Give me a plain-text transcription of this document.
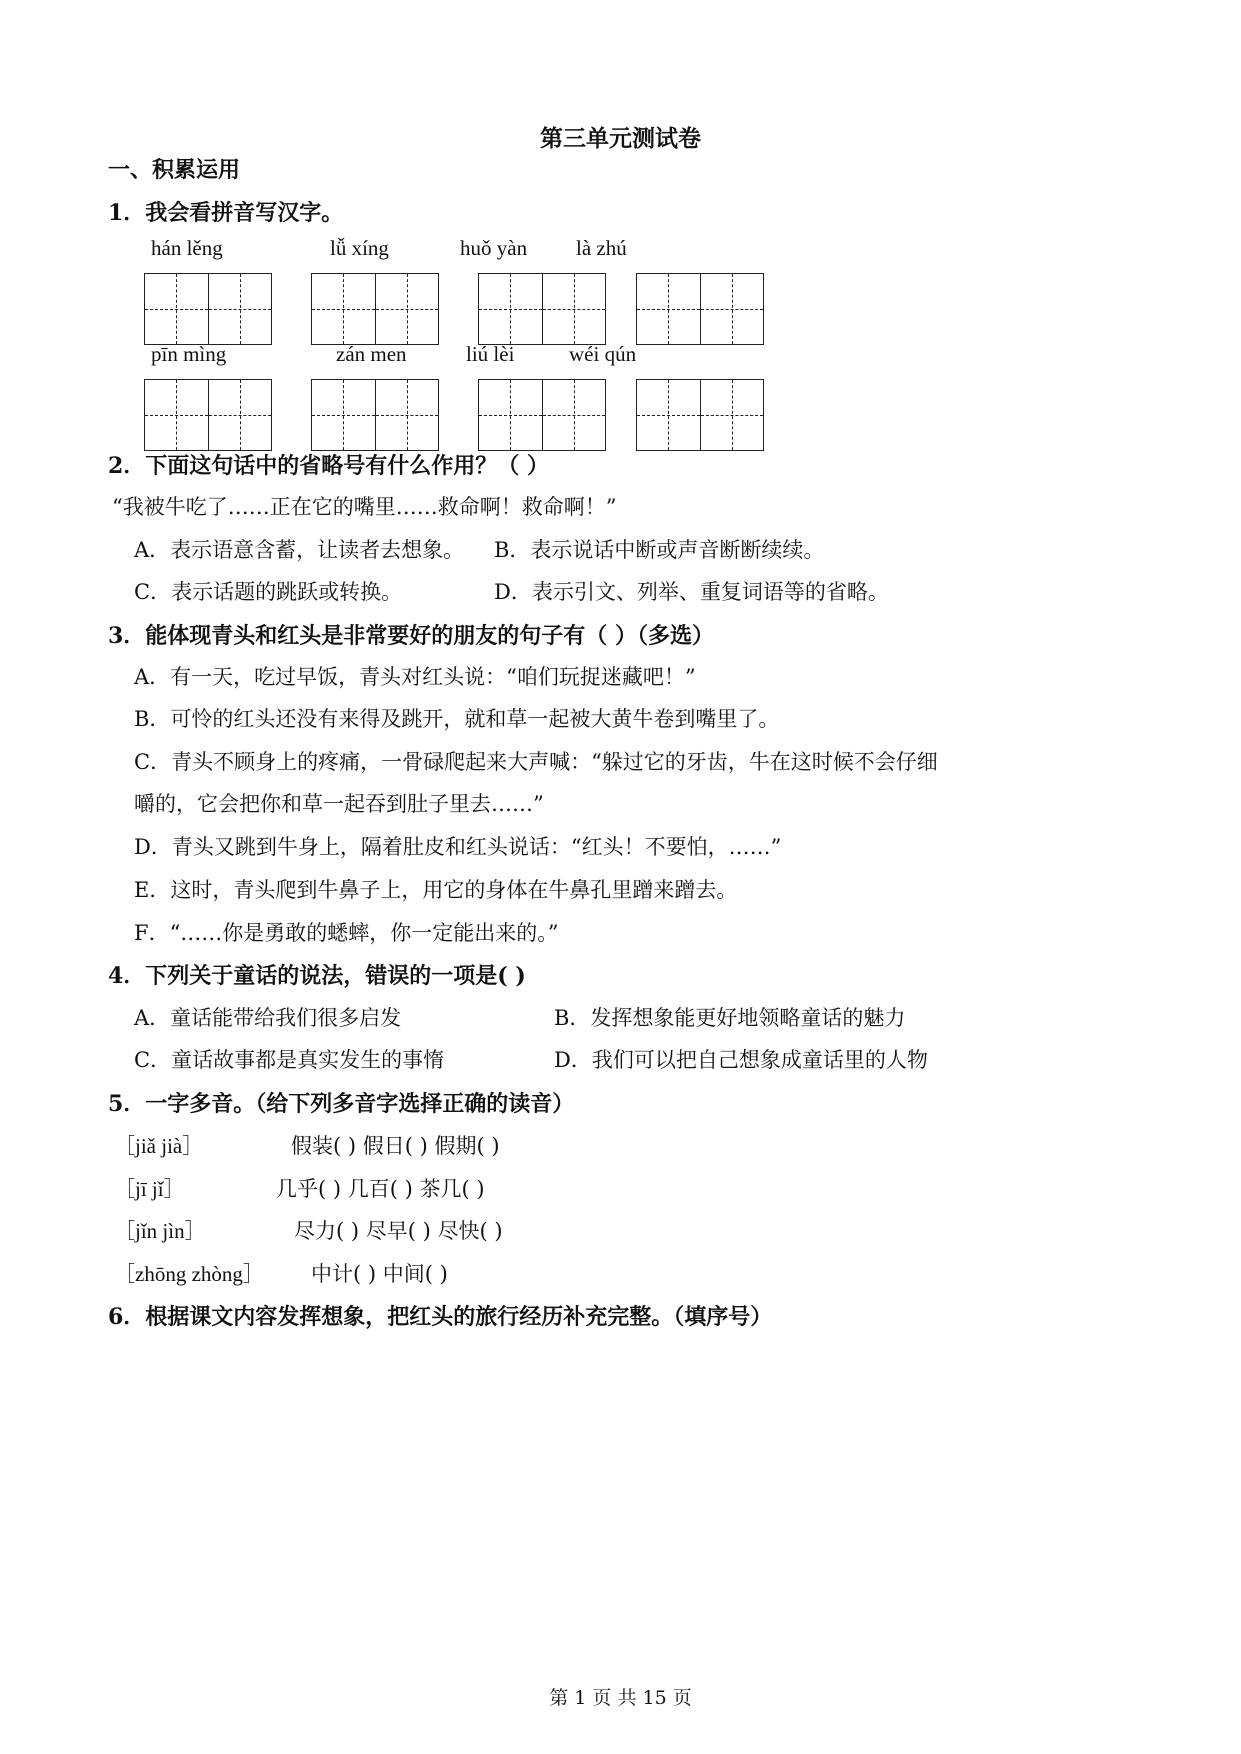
第三单元测试卷
一、积累运用
1．我会看拼音写汉字。
hán lěng	lǚ xíng	huǒ yàn là zhú
pīn mìng	zán men	liú lèi	wéi qún
2．下面这句话中的省略号有什么作用？（ ）
“我被牛吃了……正在它的嘴里……救命啊！救命啊！”
A．表示语意含蓄，让读者去想象。 B．表示说话中断或声音断断续续。
C．表示话题的跳跃或转换。	D．表示引文、列举、重复词语等的省略。
3．能体现青头和红头是非常要好的朋友的句子有（ ）（多选）
A．有一天，吃过早饭，青头对红头说：“咱们玩捉迷藏吧！”
B．可怜的红头还没有来得及跳开，就和草一起被大黄牛卷到嘴里了。
C．青头不顾身上的疼痛，一骨碌爬起来大声喊：“躲过它的牙齿，牛在这时候不会仔细
嚼的，它会把你和草一起吞到肚子里去……”
D．青头又跳到牛身上，隔着肚皮和红头说话：“红头！不要怕，……”
E．这时，青头爬到牛鼻子上，用它的身体在牛鼻孔里蹭来蹭去。
F．“……你是勇敢的蟋蟀，你一定能出来的。”
4．下列关于童话的说法，错误的一项是( )
A．童话能带给我们很多启发	B．发挥想象能更好地领略童话的魅力
C．童话故事都是真实发生的事惰	D．我们可以把自己想象成童话里的人物
5．一字多音。（给下列多音字选择正确的读音）
［jiǎ jià］	假装( ) 假日( ) 假期( )
［jī jǐ］	几乎( ) 几百( ) 茶几( )
［jǐn jìn］	尽力( ) 尽早( ) 尽快( )
［zhōng zhòng］ 中计( ) 中间( )
6．根据课文内容发挥想象，把红头的旅行经历补充完整。（填序号）
第 1 页 共 15 页
